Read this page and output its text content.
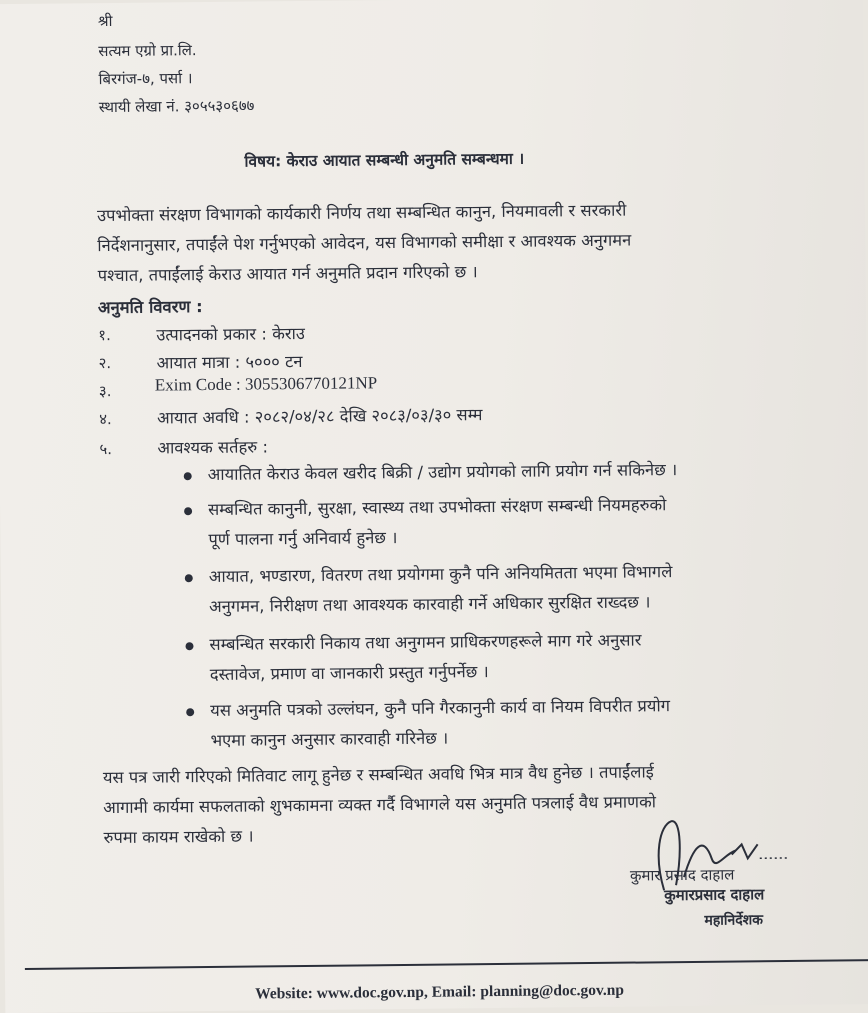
श्री
सत्यम एग्रो प्रा.लि.
बिरगंज-७, पर्सा ।
स्थायी लेखा नं. ३०५५३०६७७
विषय: केराउ आयात सम्बन्धी अनुमति सम्बन्धमा ।
उपभोक्ता संरक्षण विभागको कार्यकारी निर्णय तथा सम्बन्धित कानुन, नियमावली र सरकारी
निर्देशनानुसार, तपाईंले पेश गर्नुभएको आवेदन, यस विभागको समीक्षा र आवश्यक अनुगमन
पश्चात, तपाईंलाई केराउ आयात गर्न अनुमति प्रदान गरिएको छ ।
अनुमति विवरण :
१.	उत्पादनको प्रकार : केराउ
२.	आयात मात्रा : ५००० टन
३.	Exim Code : 3055306770121NP
४.	आयात अवधि : २०८२/०४/२८ देखि २०८३/०३/३० सम्म
५.	आवश्यक सर्तहरु :
आयातित केराउ केवल खरीद बिक्री / उद्योग प्रयोगको लागि प्रयोग गर्न सकिनेछ ।
सम्बन्धित कानुनी, सुरक्षा, स्वास्थ्य तथा उपभोक्ता संरक्षण सम्बन्धी नियमहरुको
पूर्ण पालना गर्नु अनिवार्य हुनेछ ।
आयात, भण्डारण, वितरण तथा प्रयोगमा कुनै पनि अनियमितता भएमा विभागले
अनुगमन, निरीक्षण तथा आवश्यक कारवाही गर्ने अधिकार सुरक्षित राख्दछ ।
सम्बन्धित सरकारी निकाय तथा अनुगमन प्राधिकरणहरूले माग गरे अनुसार
दस्तावेज, प्रमाण वा जानकारी प्रस्तुत गर्नुपर्नेछ ।
यस अनुमति पत्रको उल्लंघन, कुनै पनि गैरकानुनी कार्य वा नियम विपरीत प्रयोग
भएमा कानुन अनुसार कारवाही गरिनेछ ।
यस पत्र जारी गरिएको मितिवाट लागू हुनेछ र सम्बन्धित अवधि भित्र मात्र वैध हुनेछ । तपाईंलाई
आगामी कार्यमा सफलताको शुभकामना व्यक्त गर्दै विभागले यस अनुमति पत्रलाई वैध प्रमाणको
रुपमा कायम राखेको छ ।
कुमार प्रसाद दाहाल
कुमारप्रसाद दाहाल
महानिर्देशक
Website: www.doc.gov.np, Email: planning@doc.gov.np
